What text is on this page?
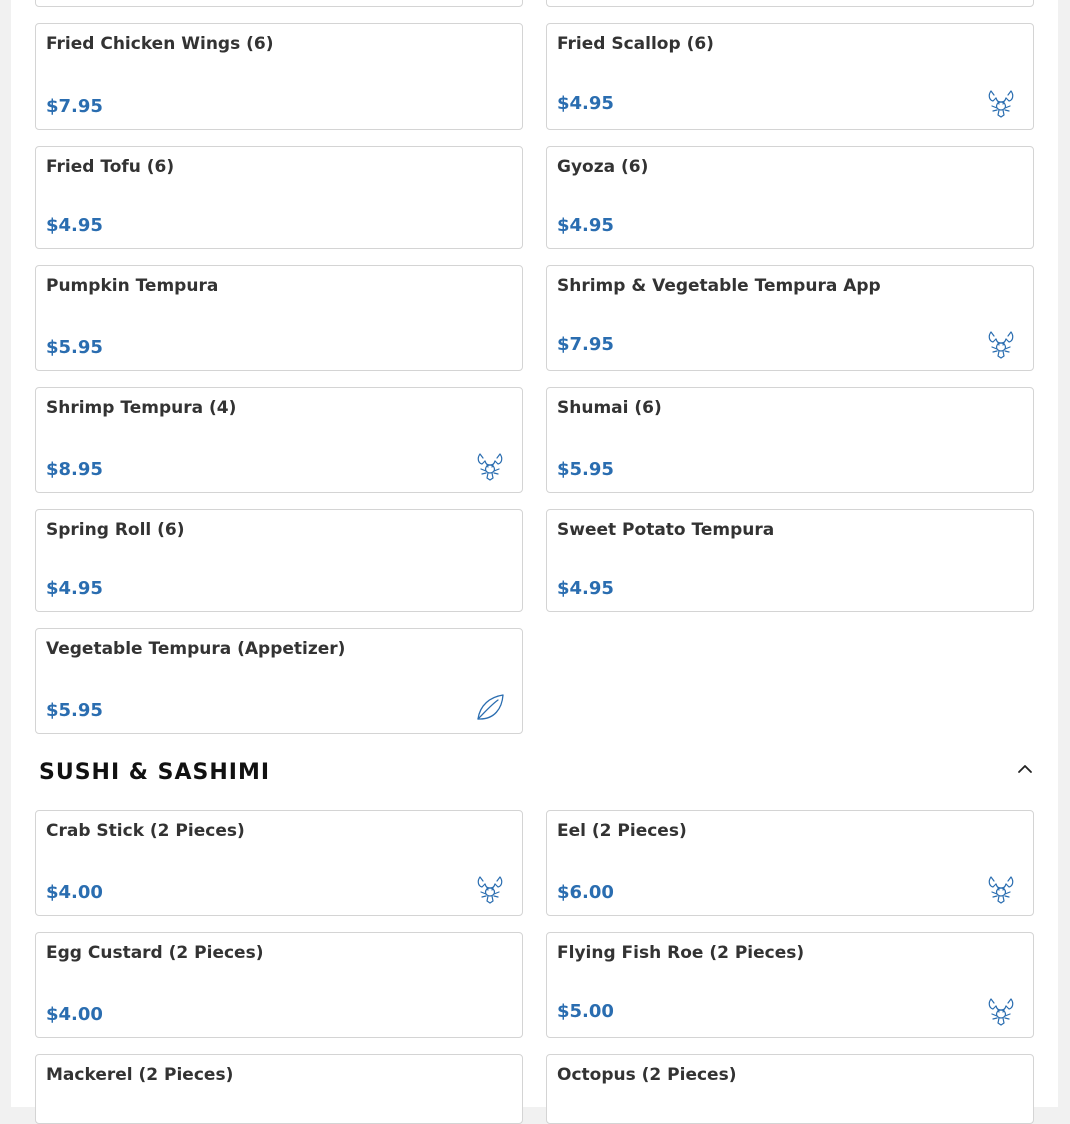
Fried Chicken Wings (6)
$7.95
Fried Scallop (6)
$4.95
Fried Tofu (6)
$4.95
Gyoza (6)
$4.95
Pumpkin Tempura
$5.95
Shrimp & Vegetable Tempura App
$7.95
Shrimp Tempura (4)
$8.95
Shumai (6)
$5.95
Spring Roll (6)
$4.95
Sweet Potato Tempura
$4.95
Vegetable Tempura (Appetizer)
$5.95
SUSHI & SASHIMI
Crab Stick (2 Pieces)
$4.00
Eel (2 Pieces)
$6.00
Egg Custard (2 Pieces)
$4.00
Flying Fish Roe (2 Pieces)
$5.00
Mackerel (2 Pieces)	Octopus (2 Pieces)
